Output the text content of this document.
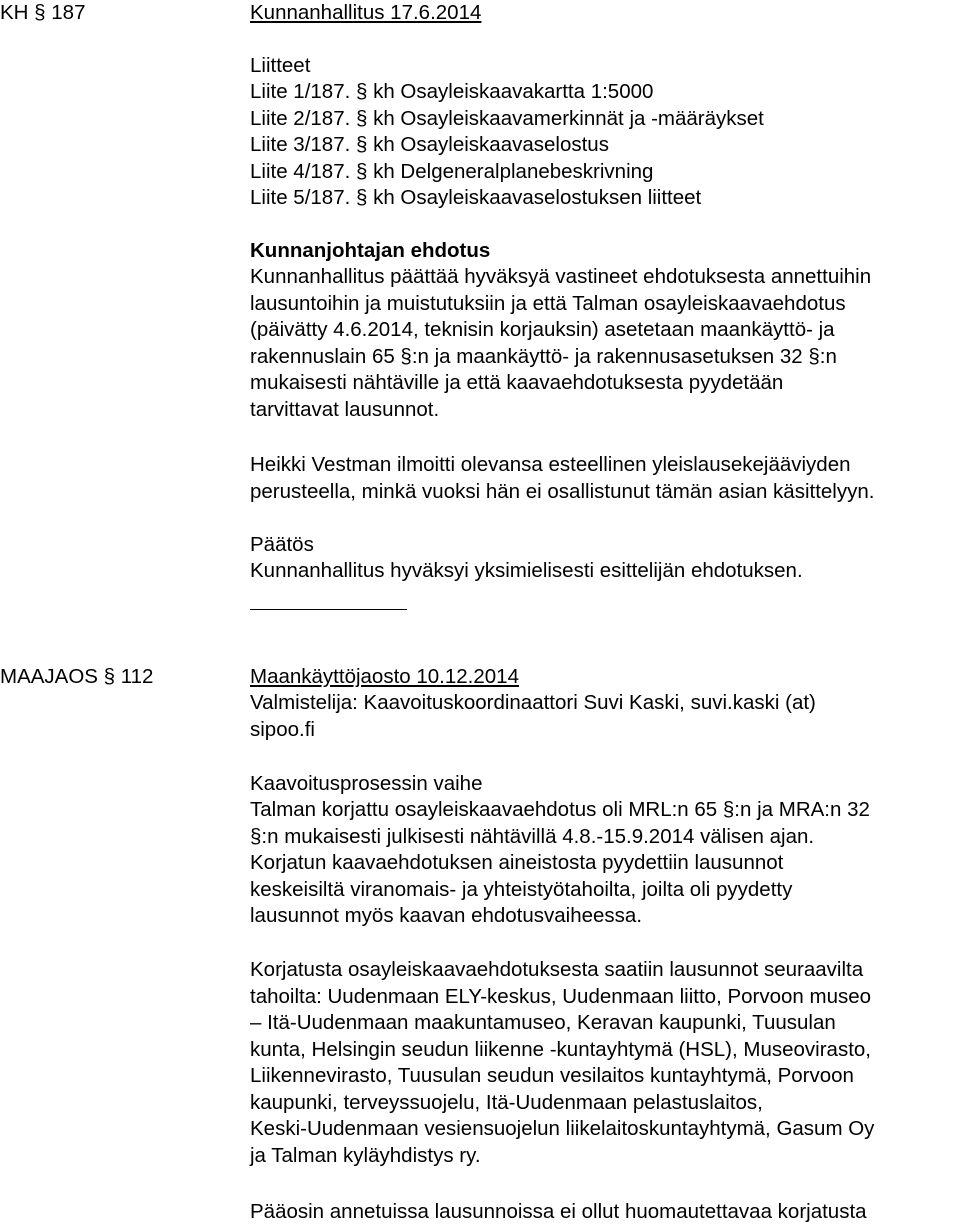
KH § 187	Kunnanhallitus 17.6.2014
Liitteet
Liite 1/187. § kh Osayleiskaavakartta 1:5000
Liite 2/187. § kh Osayleiskaavamerkinnät ja -määräykset
Liite 3/187. § kh Osayleiskaavaselostus
Liite 4/187. § kh Delgeneralplanebeskrivning
Liite 5/187. § kh Osayleiskaavaselostuksen liitteet
Kunnanjohtajan ehdotus
Kunnanhallitus päättää hyväksyä vastineet ehdotuksesta annettuihin
lausuntoihin ja muistutuksiin ja että Talman osayleiskaavaehdotus
(päivätty 4.6.2014, teknisin korjauksin) asetetaan maankäyttö- ja
rakennuslain 65 §:n ja maankäyttö- ja rakennusasetuksen 32 §:n
mukaisesti nähtäville ja että kaavaehdotuksesta pyydetään
tarvittavat lausunnot.
Heikki Vestman ilmoitti olevansa esteellinen yleislausekejääviyden
perusteella, minkä vuoksi hän ei osallistunut tämän asian käsittelyyn.
Päätös
Kunnanhallitus hyväksyi yksimielisesti esittelijän ehdotuksen.
MAAJAOS § 112	Maankäyttöjaosto 10.12.2014
Valmistelija: Kaavoituskoordinaattori Suvi Kaski, suvi.kaski (at)
sipoo.fi
Kaavoitusprosessin vaihe
Talman korjattu osayleiskaavaehdotus oli MRL:n 65 §:n ja MRA:n 32
§:n mukaisesti julkisesti nähtävillä 4.8.-15.9.2014 välisen ajan.
Korjatun kaavaehdotuksen aineistosta pyydettiin lausunnot
keskeisiltä viranomais- ja yhteistyötahoilta, joilta oli pyydetty
lausunnot myös kaavan ehdotusvaiheessa.
Korjatusta osayleiskaavaehdotuksesta saatiin lausunnot seuraavilta
tahoilta: Uudenmaan ELY-keskus, Uudenmaan liitto, Porvoon museo
– Itä-Uudenmaan maakuntamuseo, Keravan kaupunki, Tuusulan
kunta, Helsingin seudun liikenne -kuntayhtymä (HSL), Museovirasto,
Liikennevirasto, Tuusulan seudun vesilaitos kuntayhtymä, Porvoon
kaupunki, terveyssuojelu, Itä-Uudenmaan pelastuslaitos,
Keski-Uudenmaan vesiensuojelun liikelaitoskuntayhtymä, Gasum Oy
ja Talman kyläyhdistys ry.
Pääosin annetuissa lausunnoissa ei ollut huomautettavaa korjatusta
